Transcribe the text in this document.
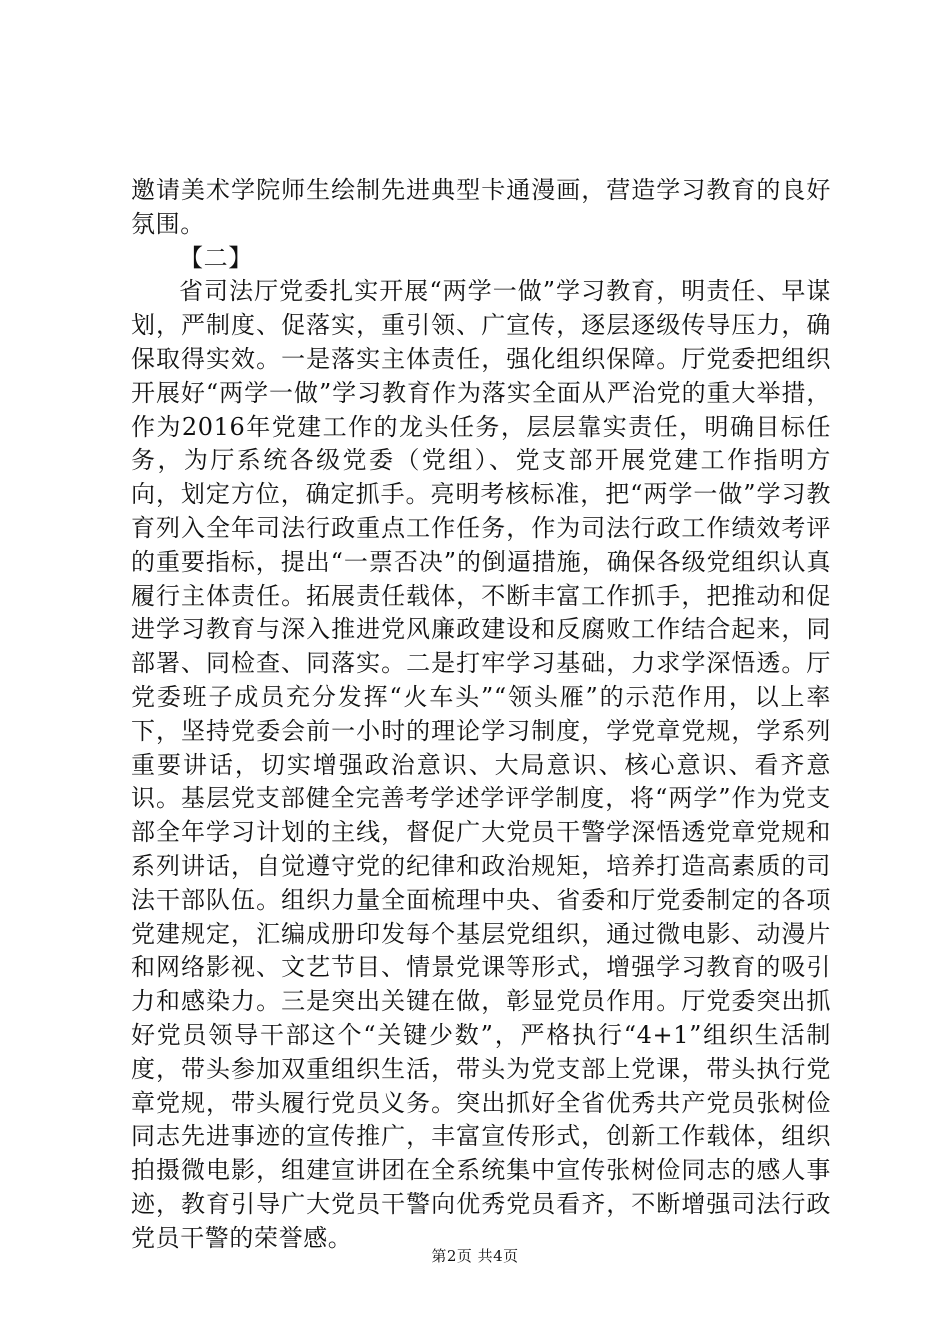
邀请美术学院师生绘制先进典型卡通漫画，营造学习教育的良好氛围。

【二】

省司法厅党委扎实开展“两学一做”学习教育，明责任、早谋划，严制度、促落实，重引领、广宣传，逐层逐级传导压力，确保取得实效。一是落实主体责任，强化组织保障。厅党委把组织开展好“两学一做”学习教育作为落实全面从严治党的重大举措，作为2016年党建工作的龙头任务，层层靠实责任，明确目标任务，为厅系统各级党委（党组）、党支部开展党建工作指明方向，划定方位，确定抓手。亮明考核标准，把“两学一做”学习教育列入全年司法行政重点工作任务，作为司法行政工作绩效考评的重要指标，提出“一票否决”的倒逼措施，确保各级党组织认真履行主体责任。拓展责任载体，不断丰富工作抓手，把推动和促进学习教育与深入推进党风廉政建设和反腐败工作结合起来，同部署、同检查、同落实。二是打牢学习基础，力求学深悟透。厅党委班子成员充分发挥“火车头”“领头雁”的示范作用，以上率下，坚持党委会前一小时的理论学习制度，学党章党规，学系列重要讲话，切实增强政治意识、大局意识、核心意识、看齐意识。基层党支部健全完善考学述学评学制度，将“两学”作为党支部全年学习计划的主线，督促广大党员干警学深悟透党章党规和系列讲话，自觉遵守党的纪律和政治规矩，培养打造高素质的司法干部队伍。组织力量全面梳理中央、省委和厅党委制定的各项党建规定，汇编成册印发每个基层党组织，通过微电影、动漫片和网络影视、文艺节目、情景党课等形式，增强学习教育的吸引力和感染力。三是突出关键在做，彰显党员作用。厅党委突出抓好党员领导干部这个“关键少数”，严格执行“4+1”组织生活制度，带头参加双重组织生活，带头为党支部上党课，带头执行党章党规，带头履行党员义务。突出抓好全省优秀共产党员张树俭同志先进事迹的宣传推广，丰富宣传形式，创新工作载体，组织拍摄微电影，组建宣讲团在全系统集中宣传张树俭同志的感人事迹，教育引导广大党员干警向优秀党员看齐，不断增强司法行政党员干警的荣誉感。

第2页 共4页
